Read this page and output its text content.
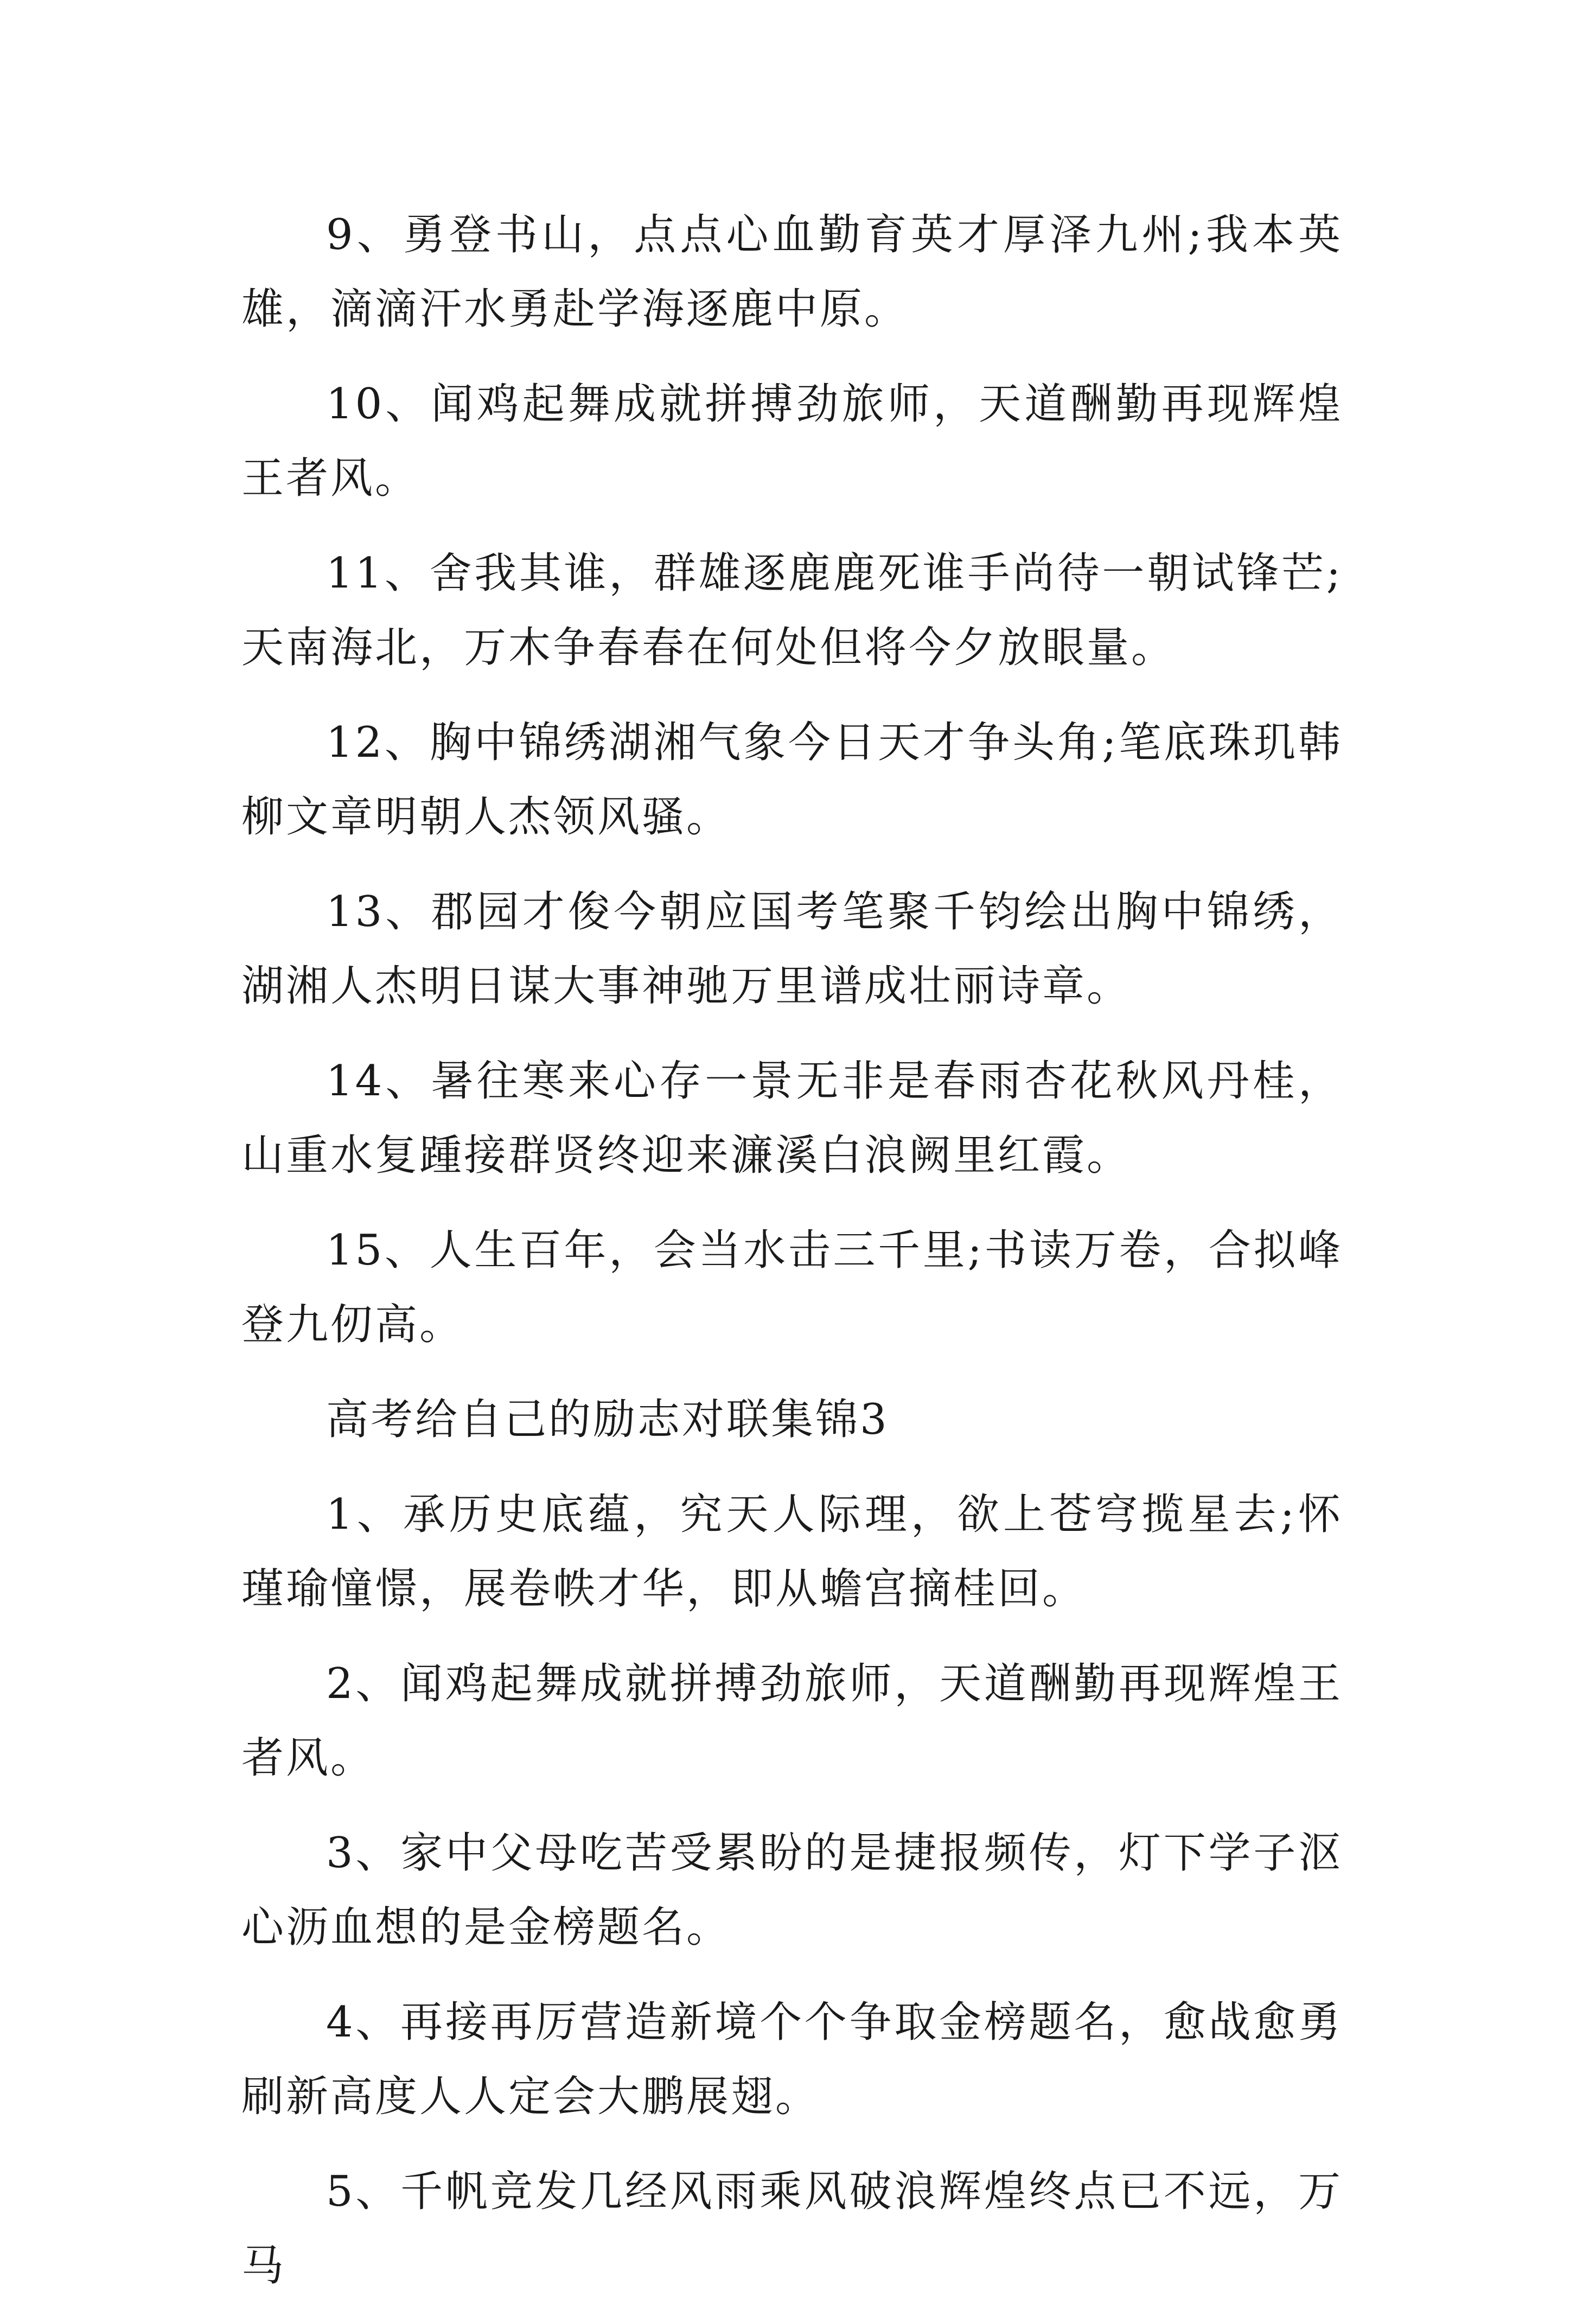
9、勇登书山，点点心血勤育英才厚泽九州;我本英雄，滴滴汗水勇赴学海逐鹿中原。

10、闻鸡起舞成就拼搏劲旅师，天道酬勤再现辉煌王者风。

11、舍我其谁，群雄逐鹿鹿死谁手尚待一朝试锋芒;天南海北，万木争春春在何处但将今夕放眼量。

12、胸中锦绣湖湘气象今日天才争头角;笔底珠玑韩柳文章明朝人杰领风骚。

13、郡园才俊今朝应国考笔聚千钧绘出胸中锦绣，湖湘人杰明日谋大事神驰万里谱成壮丽诗章。

14、暑往寒来心存一景无非是春雨杏花秋风丹桂，山重水复踵接群贤终迎来濂溪白浪阙里红霞。

15、人生百年，会当水击三千里;书读万卷，合拟峰登九仞高。

高考给自己的励志对联集锦3

1、承历史底蕴，究天人际理，欲上苍穹揽星去;怀瑾瑜憧憬，展卷帙才华，即从蟾宫摘桂回。

2、闻鸡起舞成就拼搏劲旅师，天道酬勤再现辉煌王者风。

3、家中父母吃苦受累盼的是捷报频传，灯下学子沤心沥血想的是金榜题名。

4、再接再厉营造新境个个争取金榜题名，愈战愈勇刷新高度人人定会大鹏展翅。

5、千帆竞发几经风雨乘风破浪辉煌终点已不远，万马
